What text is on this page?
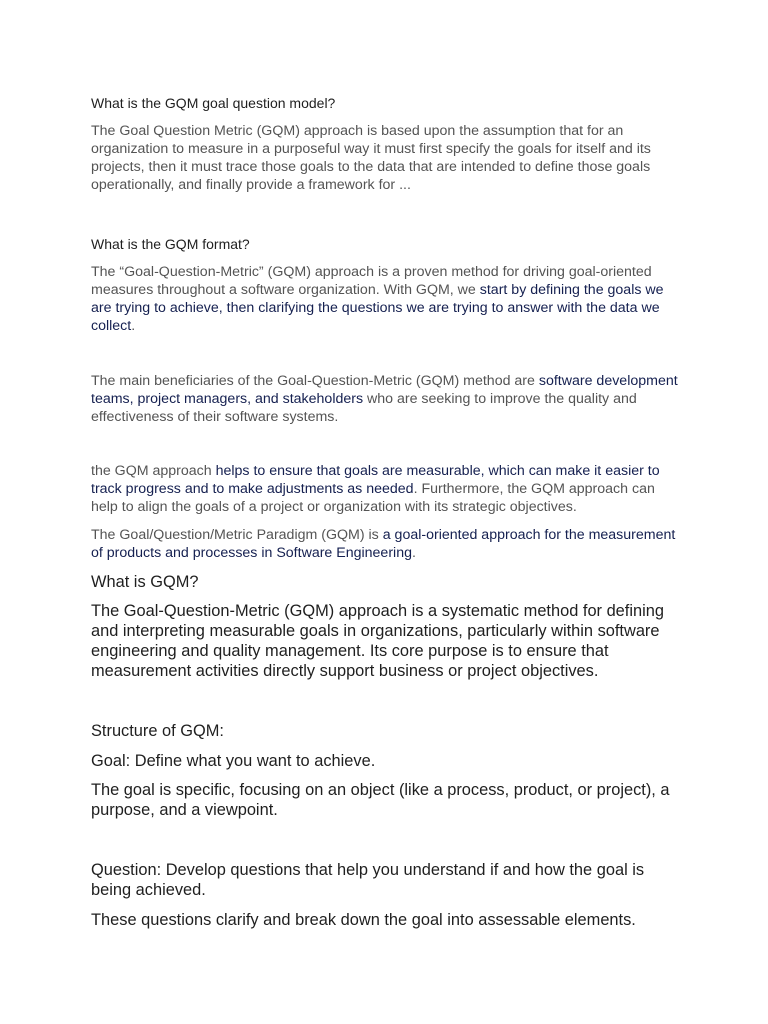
What is the GQM goal question model?

The Goal Question Metric (GQM) approach is based upon the assumption that for an organization to measure in a purposeful way it must first specify the goals for itself and its projects, then it must trace those goals to the data that are intended to define those goals operationally, and finally provide a framework for ...

What is the GQM format?

The “Goal-Question-Metric” (GQM) approach is a proven method for driving goal-oriented measures throughout a software organization. With GQM, we start by defining the goals we are trying to achieve, then clarifying the questions we are trying to answer with the data we collect.

The main beneficiaries of the Goal-Question-Metric (GQM) method are software development teams, project managers, and stakeholders who are seeking to improve the quality and effectiveness of their software systems.

the GQM approach helps to ensure that goals are measurable, which can make it easier to track progress and to make adjustments as needed. Furthermore, the GQM approach can help to align the goals of a project or organization with its strategic objectives.

The Goal/Question/Metric Paradigm (GQM) is a goal-oriented approach for the measurement of products and processes in Software Engineering.

What is GQM?

The Goal-Question-Metric (GQM) approach is a systematic method for defining and interpreting measurable goals in organizations, particularly within software engineering and quality management. Its core purpose is to ensure that measurement activities directly support business or project objectives.

Structure of GQM:

Goal: Define what you want to achieve.

The goal is specific, focusing on an object (like a process, product, or project), a purpose, and a viewpoint.

Question: Develop questions that help you understand if and how the goal is being achieved.

These questions clarify and break down the goal into assessable elements.
